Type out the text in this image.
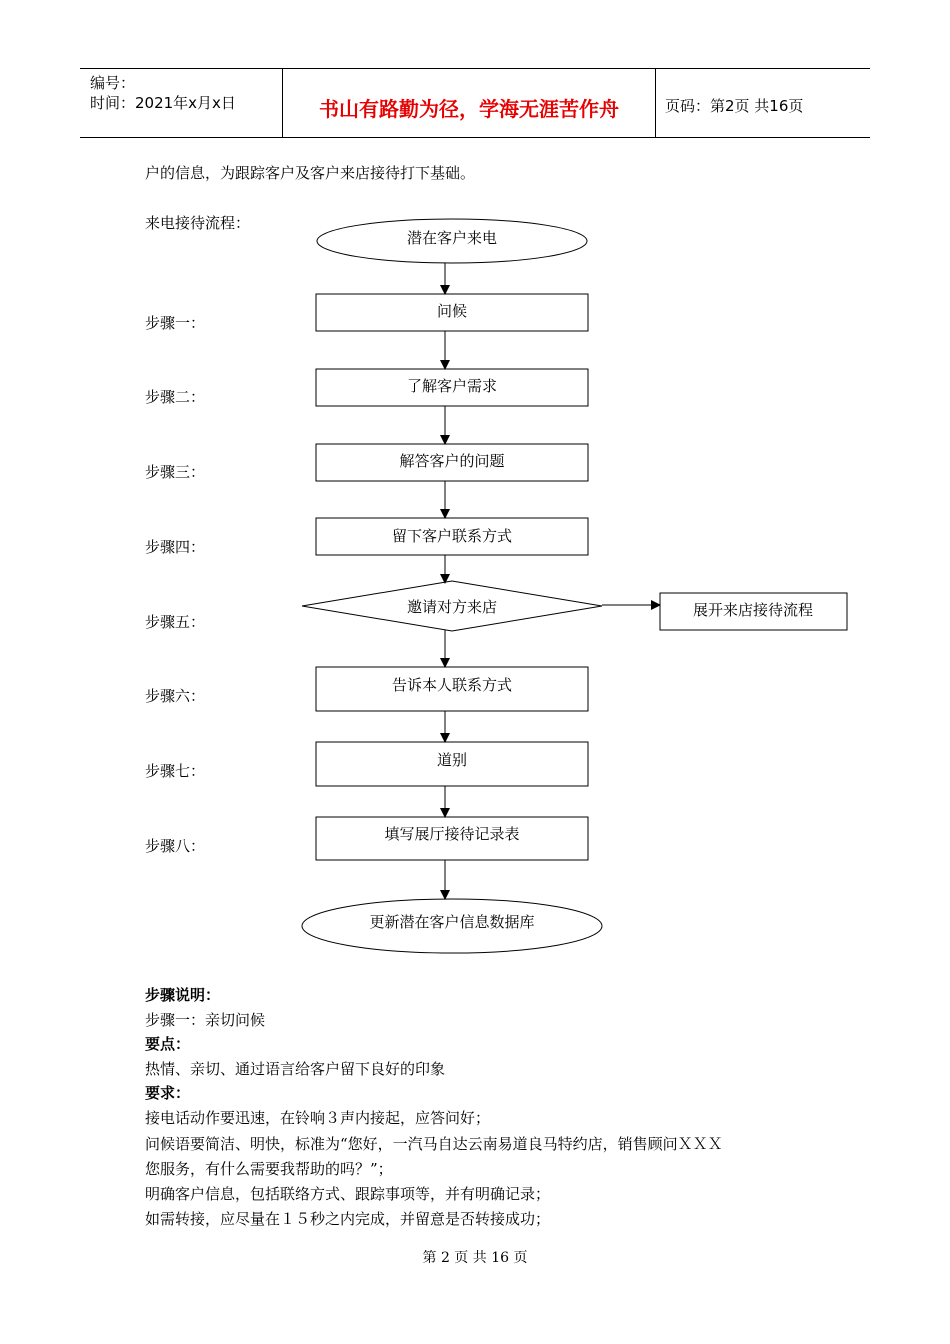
编号：
时间：2021年x月x日	书山有路勤为径，学海无涯苦作舟	页码：第2页 共16页
户的信息，为跟踪客户及客户来店接待打下基础。
来电接待流程：
步骤一：
步骤二：
步骤三：
步骤四：
步骤五：
步骤六：
步骤七：
步骤八：
潜在客户来电
问候
了解客户需求
解答客户的问题
留下客户联系方式
邀请对方来店	展开来店接待流程
告诉本人联系方式
道别
填写展厅接待记录表
更新潜在客户信息数据库
步骤说明：
步骤一：亲切问候
要点：
热情、亲切、通过语言给客户留下良好的印象
要求：
接电话动作要迅速，在铃响３声内接起，应答问好；
问候语要简洁、明快，标准为“您好，一汽马自达云南易道良马特约店，销售顾问ＸＸＸ
您服务，有什么需要我帮助的吗？”；
明确客户信息，包括联络方式、跟踪事项等，并有明确记录；
如需转接，应尽量在１５秒之内完成，并留意是否转接成功；
第 2 页 共 16 页
